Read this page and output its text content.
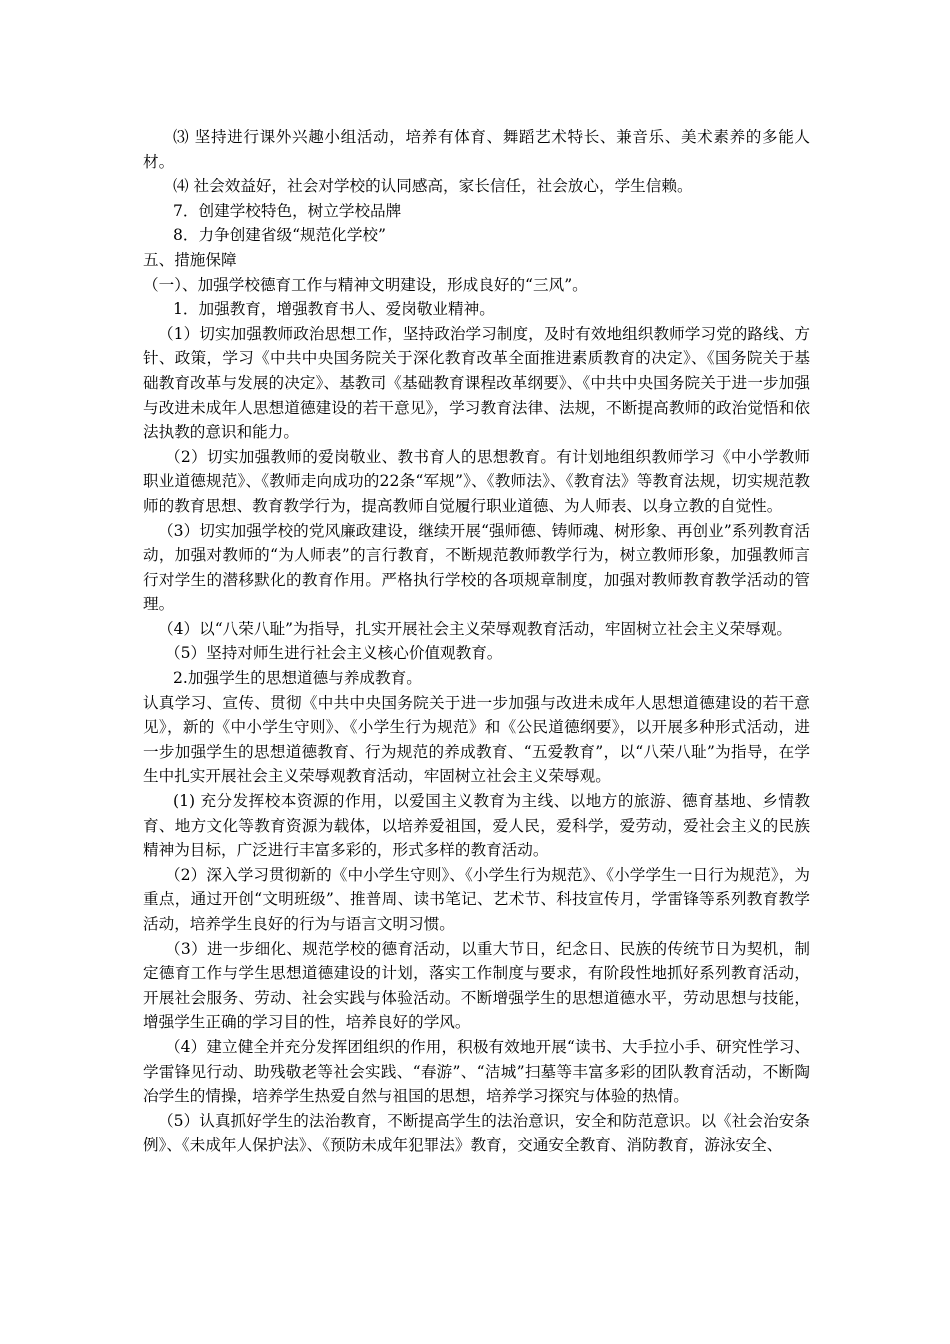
⑶ 坚持进行课外兴趣小组活动，培养有体育、舞蹈艺术特长、兼音乐、美术素养的多能人材。

⑷ 社会效益好，社会对学校的认同感高，家长信任，社会放心，学生信赖。

7．创建学校特色，树立学校品牌

8．力争创建省级“规范化学校”

五、措施保障

（一）、加强学校德育工作与精神文明建设，形成良好的“三风”。

1．加强教育，增强教育书人、爱岗敬业精神。

（1）切实加强教师政治思想工作，坚持政治学习制度，及时有效地组织教师学习党的路线、方针、政策，学习《中共中央国务院关于深化教育改革全面推进素质教育的决定》、《国务院关于基础教育改革与发展的决定》、基教司《基础教育课程改革纲要》、《中共中央国务院关于进一步加强与改进未成年人思想道德建设的若干意见》，学习教育法律、法规，不断提高教师的政治觉悟和依法执教的意识和能力。

（2）切实加强教师的爱岗敬业、教书育人的思想教育。有计划地组织教师学习《中小学教师职业道德规范》、《教师走向成功的22条“军规”》、《教师法》、《教育法》等教育法规，切实规范教师的教育思想、教育教学行为，提高教师自觉履行职业道德、为人师表、以身立教的自觉性。

（3）切实加强学校的党风廉政建设，继续开展“强师德、铸师魂、树形象、再创业”系列教育活动，加强对教师的“为人师表”的言行教育，不断规范教师教学行为，树立教师形象，加强教师言行对学生的潜移默化的教育作用。严格执行学校的各项规章制度，加强对教师教育教学活动的管理。

（4）以“八荣八耻”为指导，扎实开展社会主义荣辱观教育活动，牢固树立社会主义荣辱观。

（5）坚持对师生进行社会主义核心价值观教育。

2.加强学生的思想道德与养成教育。

认真学习、宣传、贯彻《中共中央国务院关于进一步加强与改进未成年人思想道德建设的若干意见》，新的《中小学生守则》、《小学生行为规范》和《公民道德纲要》，以开展多种形式活动，进一步加强学生的思想道德教育、行为规范的养成教育、“五爱教育”，以“八荣八耻”为指导，在学生中扎实开展社会主义荣辱观教育活动，牢固树立社会主义荣辱观。

(1) 充分发挥校本资源的作用，以爱国主义教育为主线、以地方的旅游、德育基地、乡情教育、地方文化等教育资源为载体，以培养爱祖国，爱人民，爱科学，爱劳动，爱社会主义的民族精神为目标，广泛进行丰富多彩的，形式多样的教育活动。

（2）深入学习贯彻新的《中小学生守则》、《小学生行为规范》、《小学学生一日行为规范》，为重点，通过开创“文明班级”、推普周、读书笔记、艺术节、科技宣传月，学雷锋等系列教育教学活动，培养学生良好的行为与语言文明习惯。

（3）进一步细化、规范学校的德育活动，以重大节日，纪念日、民族的传统节日为契机，制定德育工作与学生思想道德建设的计划，落实工作制度与要求，有阶段性地抓好系列教育活动，开展社会服务、劳动、社会实践与体验活动。不断增强学生的思想道德水平，劳动思想与技能，增强学生正确的学习目的性，培养良好的学风。

（4）建立健全并充分发挥团组织的作用，积极有效地开展“读书、大手拉小手、研究性学习、学雷锋见行动、助残敬老等社会实践、“春游”、“洁城”扫墓等丰富多彩的团队教育活动，不断陶冶学生的情操，培养学生热爱自然与祖国的思想，培养学习探究与体验的热情。

（5）认真抓好学生的法治教育，不断提高学生的法治意识，安全和防范意识。以《社会治安条例》、《未成年人保护法》、《预防未成年犯罪法》教育，交通安全教育、消防教育，游泳安全、
